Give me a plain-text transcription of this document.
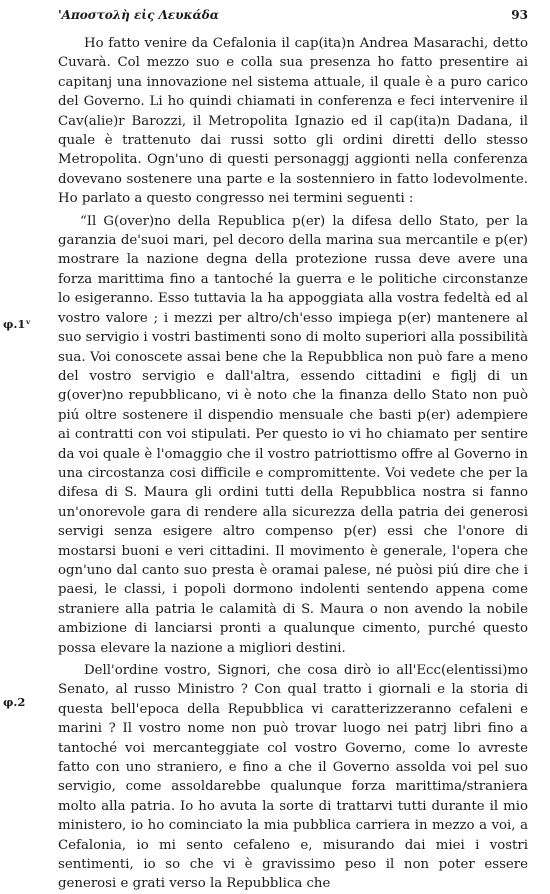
'Αποστολὴ εἰς Λευκάδα	93
φ.1ᵛ
φ.2

Ho fatto venire da Cefalonia il cap(ita)n Andrea Masarachi, detto Cuvarà. Col mezzo suo e colla sua presenza ho fatto presentire ai capitanj una innovazione nel sistema attuale, il quale è a puro carico del Governo. Li ho quindi chiamati in conferenza e feci intervenire il Cav(alie)r Barozzi, il Metropolita Ignazio ed il cap(ita)n Dadana, il quale è trattenuto dai russi sotto gli ordini diretti dello stesso Metropolita. Ogn'uno di questi personaggj aggionti nella conferenza dovevano sostenere una parte e la sostenniero in fatto lodevolmente. Ho parlato a questo congresso nei termini seguenti :

“Il G(over)no della Republica p(er) la difesa dello Stato, per la garanzia de'suoi mari, pel decoro della marina sua mercantile e p(er) mostrare la nazione degna della protezione russa deve avere una forza marittima fino a tantoché la guerra e le politiche circonstanze lo esigeranno. Esso tuttavia la ha appoggiata alla vostra fedeltà ed al vostro valore ; i mezzi per altro/ch'esso impiega p(er) mantenere al suo servigio i vostri bastimenti sono di molto superiori alla possibilità sua. Voi conoscete assai bene che la Repubblica non può fare a meno del vostro servigio e dall'altra, essendo cittadini e figlj di un g(over)no repubblicano, vi è noto che la finanza dello Stato non può piú oltre sostenere il dispendio mensuale che basti p(er) adempiere ai contratti con voi stipulati. Per questo io vi ho chiamato per sentire da voi quale è l'omaggio che il vostro patriottismo offre al Governo in una circostanza cosi difficile e compromittente. Voi vedete che per la difesa di S. Maura gli ordini tutti della Repubblica nostra si fanno un'onorevole gara di rendere alla sicurezza della patria dei generosi servigi senza esigere altro compenso p(er) essi che l'onore di mostarsi buoni e veri cittadini. Il movimento è generale, l'opera che ogn'uno dal canto suo presta è oramai palese, né puòsi piú dire che i paesi, le classi, i popoli dormono indolenti sentendo appena come straniere alla patria le calamità di S. Maura o non avendo la nobile ambizione di lanciarsi pronti a qualunque cimento, purché questo possa elevare la nazione a migliori destini.

Dell'ordine vostro, Signori, che cosa dirò io all'Ecc(elentissi)mo Senato, al russo Ministro ? Con qual tratto i giornali e la storia di questa bell'epoca della Repubblica vi caratterizzeranno cefaleni e marini ? Il vostro nome non può trovar luogo nei patrj libri fino a tantoché voi mercanteggiate col vostro Governo, come lo avreste fatto con uno straniero, e fino a che il Governo assolda voi pel suo servigio, come assoldarebbe qualunque forza marittima/straniera molto alla patria. Io ho avuta la sorte di trattarvi tutti durante il mio ministero, io ho cominciato la mia pubblica carriera in mezzo a voi, a Cefalonia, io mi sento cefaleno e, misurando dai miei i vostri sentimenti, io so che vi è gravissimo peso il non poter essere generosi e grati verso la Repubblica che
